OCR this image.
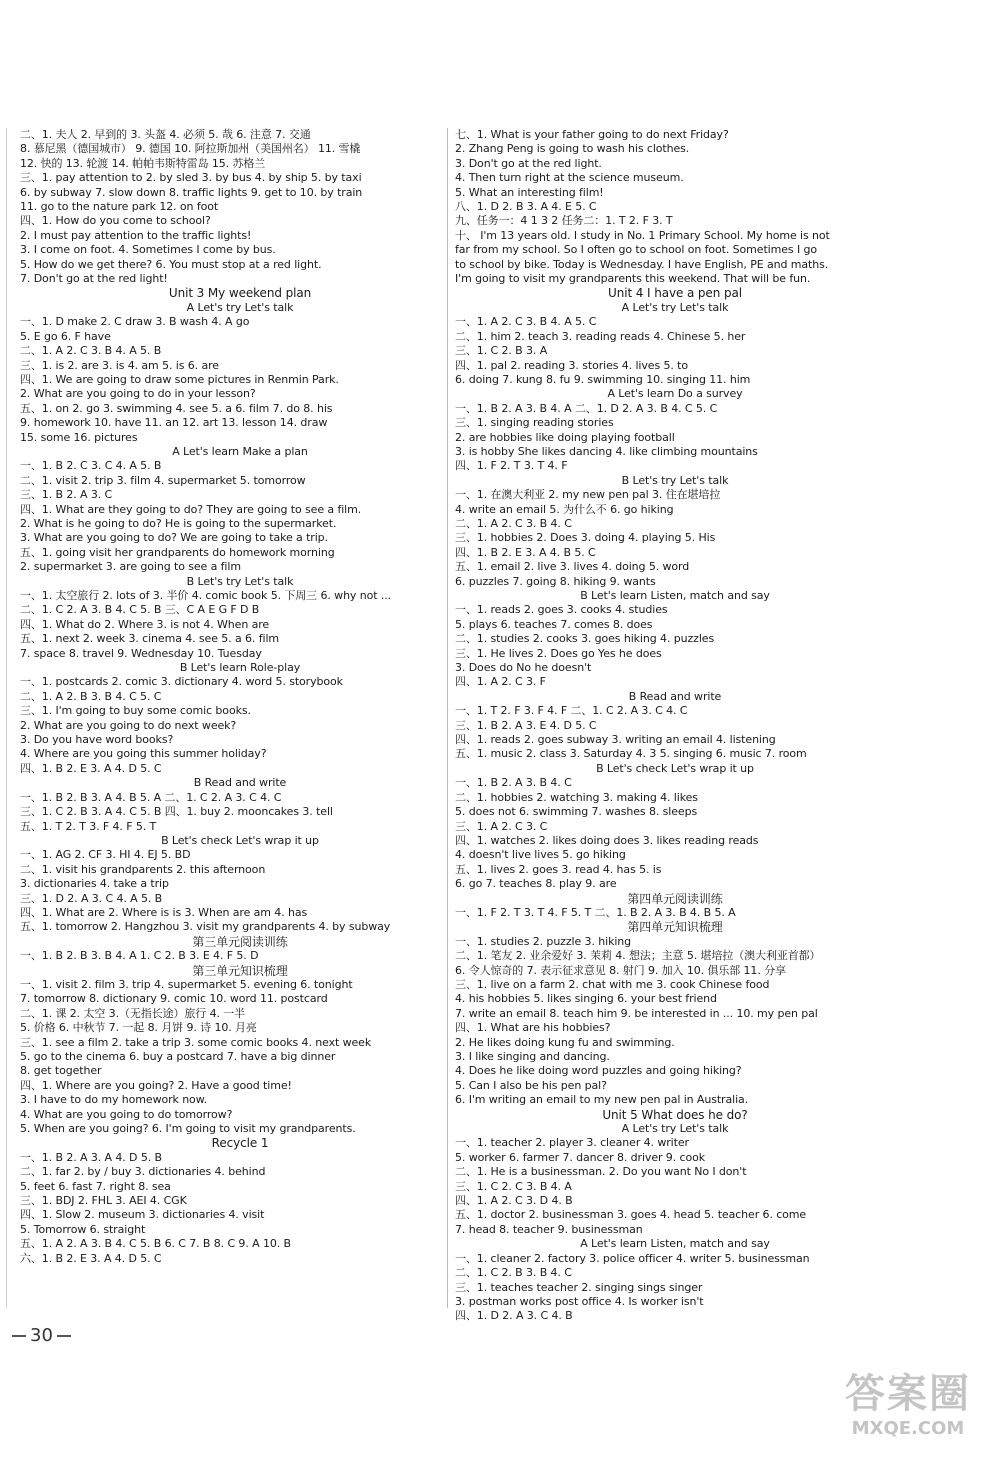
二、1. 夫人 2. 早到的 3. 头盔 4. 必须 5. 哉 6. 注意 7. 交通
8. 慕尼黑（德国城市） 9. 德国 10. 阿拉斯加州（美国州名） 11. 雪橇
12. 快的 13. 轮渡 14. 帕帕韦斯特雷岛 15. 苏格兰
三、1. pay attention to 2. by sled 3. by bus 4. by ship 5. by taxi
6. by subway 7. slow down 8. traffic lights 9. get to 10. by train
11. go to the nature park 12. on foot
四、1. How do you come to school?
2. I must pay attention to the traffic lights!
3. I come on foot. 4. Sometimes I come by bus.
5. How do we get there? 6. You must stop at a red light.
7. Don't go at the red light!
Unit 3 My weekend plan
A Let's try Let's talk
一、1. D make 2. C draw 3. B wash 4. A go
5. E go 6. F have
二、1. A 2. C 3. B 4. A 5. B
三、1. is 2. are 3. is 4. am 5. is 6. are
四、1. We are going to draw some pictures in Renmin Park.
2. What are you going to do in your lesson?
五、1. on 2. go 3. swimming 4. see 5. a 6. film 7. do 8. his
9. homework 10. have 11. an 12. art 13. lesson 14. draw
15. some 16. pictures
A Let's learn Make a plan
一、1. B 2. C 3. C 4. A 5. B
二、1. visit 2. trip 3. film 4. supermarket 5. tomorrow
三、1. B 2. A 3. C
四、1. What are they going to do? They are going to see a film.
2. What is he going to do? He is going to the supermarket.
3. What are you going to do? We are going to take a trip.
五、1. going visit her grandparents do homework morning
2. supermarket 3. are going to see a film
B Let's try Let's talk
一、1. 太空旅行 2. lots of 3. 半价 4. comic book 5. 下周三 6. why not ...
二、1. C 2. A 3. B 4. C 5. B 三、C A E G F D B
四、1. What do 2. Where 3. is not 4. When are
五、1. next 2. week 3. cinema 4. see 5. a 6. film
7. space 8. travel 9. Wednesday 10. Tuesday
B Let's learn Role-play
一、1. postcards 2. comic 3. dictionary 4. word 5. storybook
二、1. A 2. B 3. B 4. C 5. C
三、1. I'm going to buy some comic books.
2. What are you going to do next week?
3. Do you have word books?
4. Where are you going this summer holiday?
四、1. B 2. E 3. A 4. D 5. C
B Read and write
一、1. B 2. B 3. A 4. B 5. A 二、1. C 2. A 3. C 4. C
三、1. C 2. B 3. A 4. C 5. B 四、1. buy 2. mooncakes 3. tell
五、1. T 2. T 3. F 4. F 5. T
B Let's check Let's wrap it up
一、1. AG 2. CF 3. HI 4. EJ 5. BD
二、1. visit his grandparents 2. this afternoon
3. dictionaries 4. take a trip
三、1. D 2. A 3. C 4. A 5. B
四、1. What are 2. Where is is 3. When are am 4. has
五、1. tomorrow 2. Hangzhou 3. visit my grandparents 4. by subway
第三单元阅读训练
一、1. B 2. B 3. B 4. A 1. C 2. B 3. E 4. F 5. D
第三单元知识梳理
一、1. visit 2. film 3. trip 4. supermarket 5. evening 6. tonight
7. tomorrow 8. dictionary 9. comic 10. word 11. postcard
二、1. 课 2. 太空 3.（无指长途）旅行 4. 一半
5. 价格 6. 中秋节 7. 一起 8. 月饼 9. 诗 10. 月亮
三、1. see a film 2. take a trip 3. some comic books 4. next week
5. go to the cinema 6. buy a postcard 7. have a big dinner
8. get together
四、1. Where are you going? 2. Have a good time!
3. I have to do my homework now.
4. What are you going to do tomorrow?
5. When are you going? 6. I'm going to visit my grandparents.
Recycle 1
一、1. B 2. A 3. A 4. D 5. B
二、1. far 2. by / buy 3. dictionaries 4. behind
5. feet 6. fast 7. right 8. sea
三、1. BDJ 2. FHL 3. AEI 4. CGK
四、1. Slow 2. museum 3. dictionaries 4. visit
5. Tomorrow 6. straight
五、1. A 2. A 3. B 4. C 5. B 6. C 7. B 8. C 9. A 10. B
六、1. B 2. E 3. A 4. D 5. C
七、1. What is your father going to do next Friday?
2. Zhang Peng is going to wash his clothes.
3. Don't go at the red light.
4. Then turn right at the science museum.
5. What an interesting film!
八、1. D 2. B 3. A 4. E 5. C
九、任务一：4 1 3 2 任务二：1. T 2. F 3. T
十、 I'm 13 years old. I study in No. 1 Primary School. My home is not
far from my school. So I often go to school on foot. Sometimes I go
to school by bike. Today is Wednesday. I have English, PE and maths.
I'm going to visit my grandparents this weekend. That will be fun.
Unit 4 I have a pen pal
A Let's try Let's talk
一、1. A 2. C 3. B 4. A 5. C
二、1. him 2. teach 3. reading reads 4. Chinese 5. her
三、1. C 2. B 3. A
四、1. pal 2. reading 3. stories 4. lives 5. to
6. doing 7. kung 8. fu 9. swimming 10. singing 11. him
A Let's learn Do a survey
一、1. B 2. A 3. B 4. A 二、1. D 2. A 3. B 4. C 5. C
三、1. singing reading stories
2. are hobbies like doing playing football
3. is hobby She likes dancing 4. like climbing mountains
四、1. F 2. T 3. T 4. F
B Let's try Let's talk
一、1. 在澳大利亚 2. my new pen pal 3. 住在堪培拉
4. write an email 5. 为什么不 6. go hiking
二、1. A 2. C 3. B 4. C
三、1. hobbies 2. Does 3. doing 4. playing 5. His
四、1. B 2. E 3. A 4. B 5. C
五、1. email 2. live 3. lives 4. doing 5. word
6. puzzles 7. going 8. hiking 9. wants
B Let's learn Listen, match and say
一、1. reads 2. goes 3. cooks 4. studies
5. plays 6. teaches 7. comes 8. does
二、1. studies 2. cooks 3. goes hiking 4. puzzles
三、1. He lives 2. Does go Yes he does
3. Does do No he doesn't
四、1. A 2. C 3. F
B Read and write
一、1. T 2. F 3. F 4. F 二、1. C 2. A 3. C 4. C
三、1. B 2. A 3. E 4. D 5. C
四、1. reads 2. goes subway 3. writing an email 4. listening
五、1. music 2. class 3. Saturday 4. 3 5. singing 6. music 7. room
B Let's check Let's wrap it up
一、1. B 2. A 3. B 4. C
二、1. hobbies 2. watching 3. making 4. likes
5. does not 6. swimming 7. washes 8. sleeps
三、1. A 2. C 3. C
四、1. watches 2. likes doing does 3. likes reading reads
4. doesn't live lives 5. go hiking
五、1. lives 2. goes 3. read 4. has 5. is
6. go 7. teaches 8. play 9. are
第四单元阅读训练
一、1. F 2. T 3. T 4. F 5. T 二、1. B 2. A 3. B 4. B 5. A
第四单元知识梳理
一、1. studies 2. puzzle 3. hiking
二、1. 笔友 2. 业余爱好 3. 茉莉 4. 想法；主意 5. 堪培拉（澳大利亚首都）
6. 令人惊奇的 7. 表示征求意见 8. 射门 9. 加入 10. 俱乐部 11. 分享
三、1. live on a farm 2. chat with me 3. cook Chinese food
4. his hobbies 5. likes singing 6. your best friend
7. write an email 8. teach him 9. be interested in ... 10. my pen pal
四、1. What are his hobbies?
2. He likes doing kung fu and swimming.
3. I like singing and dancing.
4. Does he like doing word puzzles and going hiking?
5. Can I also be his pen pal?
6. I'm writing an email to my new pen pal in Australia.
Unit 5 What does he do?
A Let's try Let's talk
一、1. teacher 2. player 3. cleaner 4. writer
5. worker 6. farmer 7. dancer 8. driver 9. cook
二、1. He is a businessman. 2. Do you want No I don't
三、1. C 2. C 3. B 4. A
四、1. A 2. C 3. D 4. B
五、1. doctor 2. businessman 3. goes 4. head 5. teacher 6. come
7. head 8. teacher 9. businessman
A Let's learn Listen, match and say
一、1. cleaner 2. factory 3. police officer 4. writer 5. businessman
二、1. C 2. B 3. B 4. C
三、1. teaches teacher 2. singing sings singer
3. postman works post office 4. Is worker isn't
四、1. D 2. A 3. C 4. B
30
答案圈
MXQE.COM
